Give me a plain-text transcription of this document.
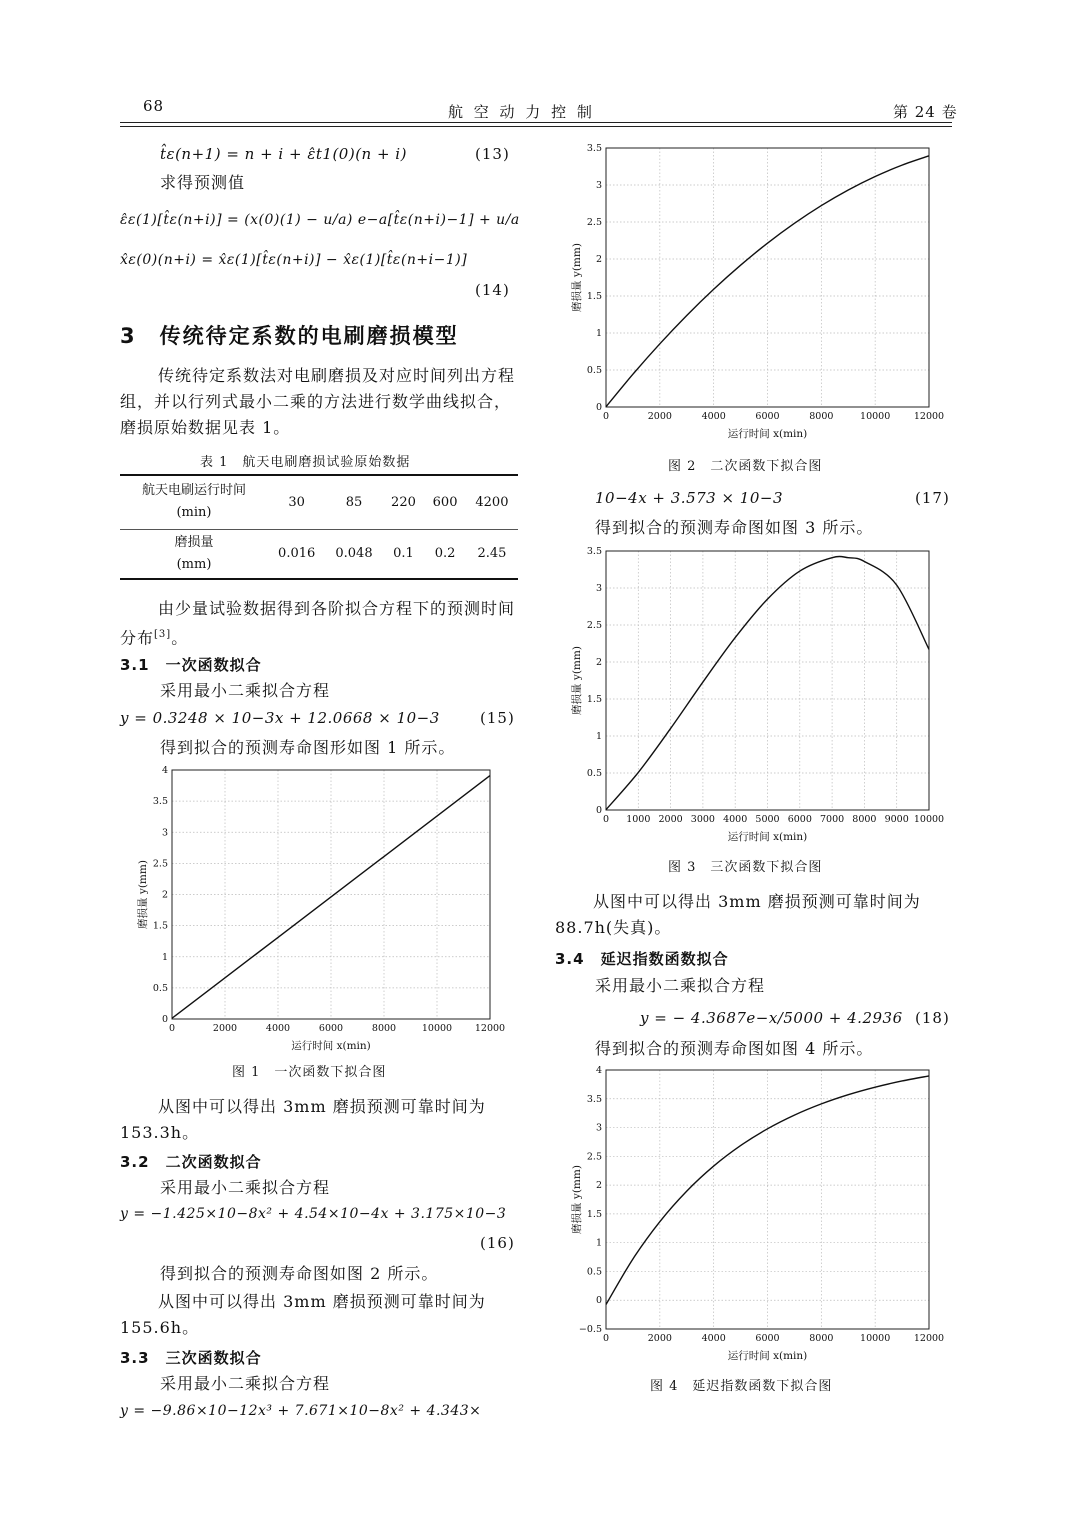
68	航 空 动 力 控 制	第 24 卷
t̂ε(n+1) = n + i + ε̂t1(0)(n + i)	(13)
求得预测值
ε̂ε(1)[t̂ε(n+i)] = (x(0)(1) − u/a) e−a[t̂ε(n+i)−1] + u/a
x̂ε(0)(n+i) = x̂ε(1)[t̂ε(n+i)] − x̂ε(1)[t̂ε(n+i−1)]
(14)
3　传统待定系数的电刷磨损模型
传统待定系数法对电刷磨损及对应时间列出方程组，并以行列式最小二乘的方法进行数学曲线拟合，磨损原始数据见表 1。
表 1　航天电刷磨损试验原始数据
航天电刷运行时间
(min)	30	85	220	600	4200

磨损量
(mm)	0.016	0.048	0.1	0.2	2.45
由少量试验数据得到各阶拟合方程下的预测时间分布[3]。
3.1　一次函数拟合
采用最小二乘拟合方程
y = 0.3248 × 10−3x + 12.0668 × 10−3	(15)
得到拟合的预测寿命图形如图 1 所示。
0	2000	4000	6000	8000	10000 12000
0
0.5
1
1.5
2
2.5
3
3.5
4
运行时间 x(min)
磨损量 y(mm)
图 1　一次函数下拟合图
从图中可以得出 3mm 磨损预测可靠时间为 153.3h。
3.2　二次函数拟合
采用最小二乘拟合方程
y = −1.425×10−8x² + 4.54×10−4x + 3.175×10−3
(16)
得到拟合的预测寿命图如图 2 所示。
从图中可以得出 3mm 磨损预测可靠时间为 155.6h。
3.3　三次函数拟合
采用最小二乘拟合方程
y = −9.86×10−12x³ + 7.671×10−8x² + 4.343×
0	2000	4000	6000	8000	10000 12000
0
0.5
1
1.5
2
2.5
3
3.5
运行时间 x(min)
磨损量 y(mm)
图 2　二次函数下拟合图
10−4x + 3.573 × 10−3	(17)
得到拟合的预测寿命图如图 3 所示。
0 1000 2000 3000 4000 5000 6000 7000 8000 9000 10000
0
0.5
1
1.5
2
2.5
3
3.5
运行时间 x(min)
磨损量 y(mm)
图 3　三次函数下拟合图
从图中可以得出 3mm 磨损预测可靠时间为 88.7h(失真)。
3.4　延迟指数函数拟合
采用最小二乘拟合方程
y = − 4.3687e−x/5000 + 4.2936 (18)
得到拟合的预测寿命图如图 4 所示。
0	2000	4000	6000	8000	10000 12000
−0.5
0
0.5
1
1.5
2
2.5
3
3.5
4
运行时间 x(min)
磨损量 y(mm)
图 4　延迟指数函数下拟合图
